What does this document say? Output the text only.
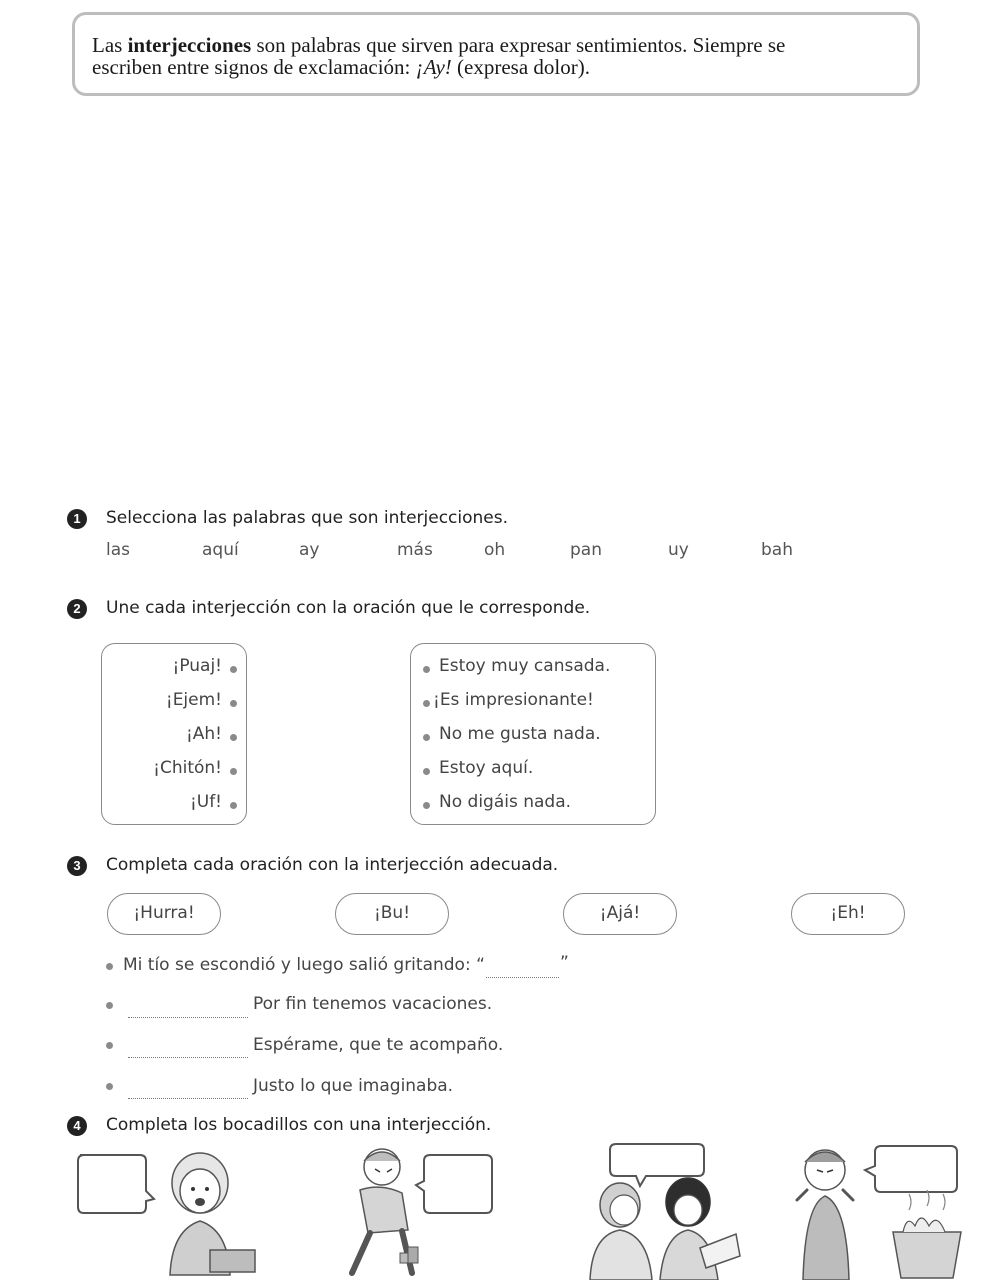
Las interjecciones son palabras que sirven para expresar sentimientos. Siempre se escriben entre signos de exclamación: ¡Ay! (expresa dolor).
1	Selecciona las palabras que son interjecciones.
las	aquí	ay	más	oh	pan	uy	bah
2	Une cada interjección con la oración que le corresponde.
¡Puaj!
¡Ejem!
¡Ah!
¡Chitón!
¡Uf!
Estoy muy cansada.
¡Es impresionante!
No me gusta nada.
Estoy aquí.
No digáis nada.
3	Completa cada oración con la interjección adecuada.
¡Hurra!	¡Bu!	¡Ajá!	¡Eh!
Mi tío se escondió y luego salió gritando: “	”
Por fin tenemos vacaciones.
Espérame, que te acompaño.
Justo lo que imaginaba.
4	Completa los bocadillos con una interjección.
